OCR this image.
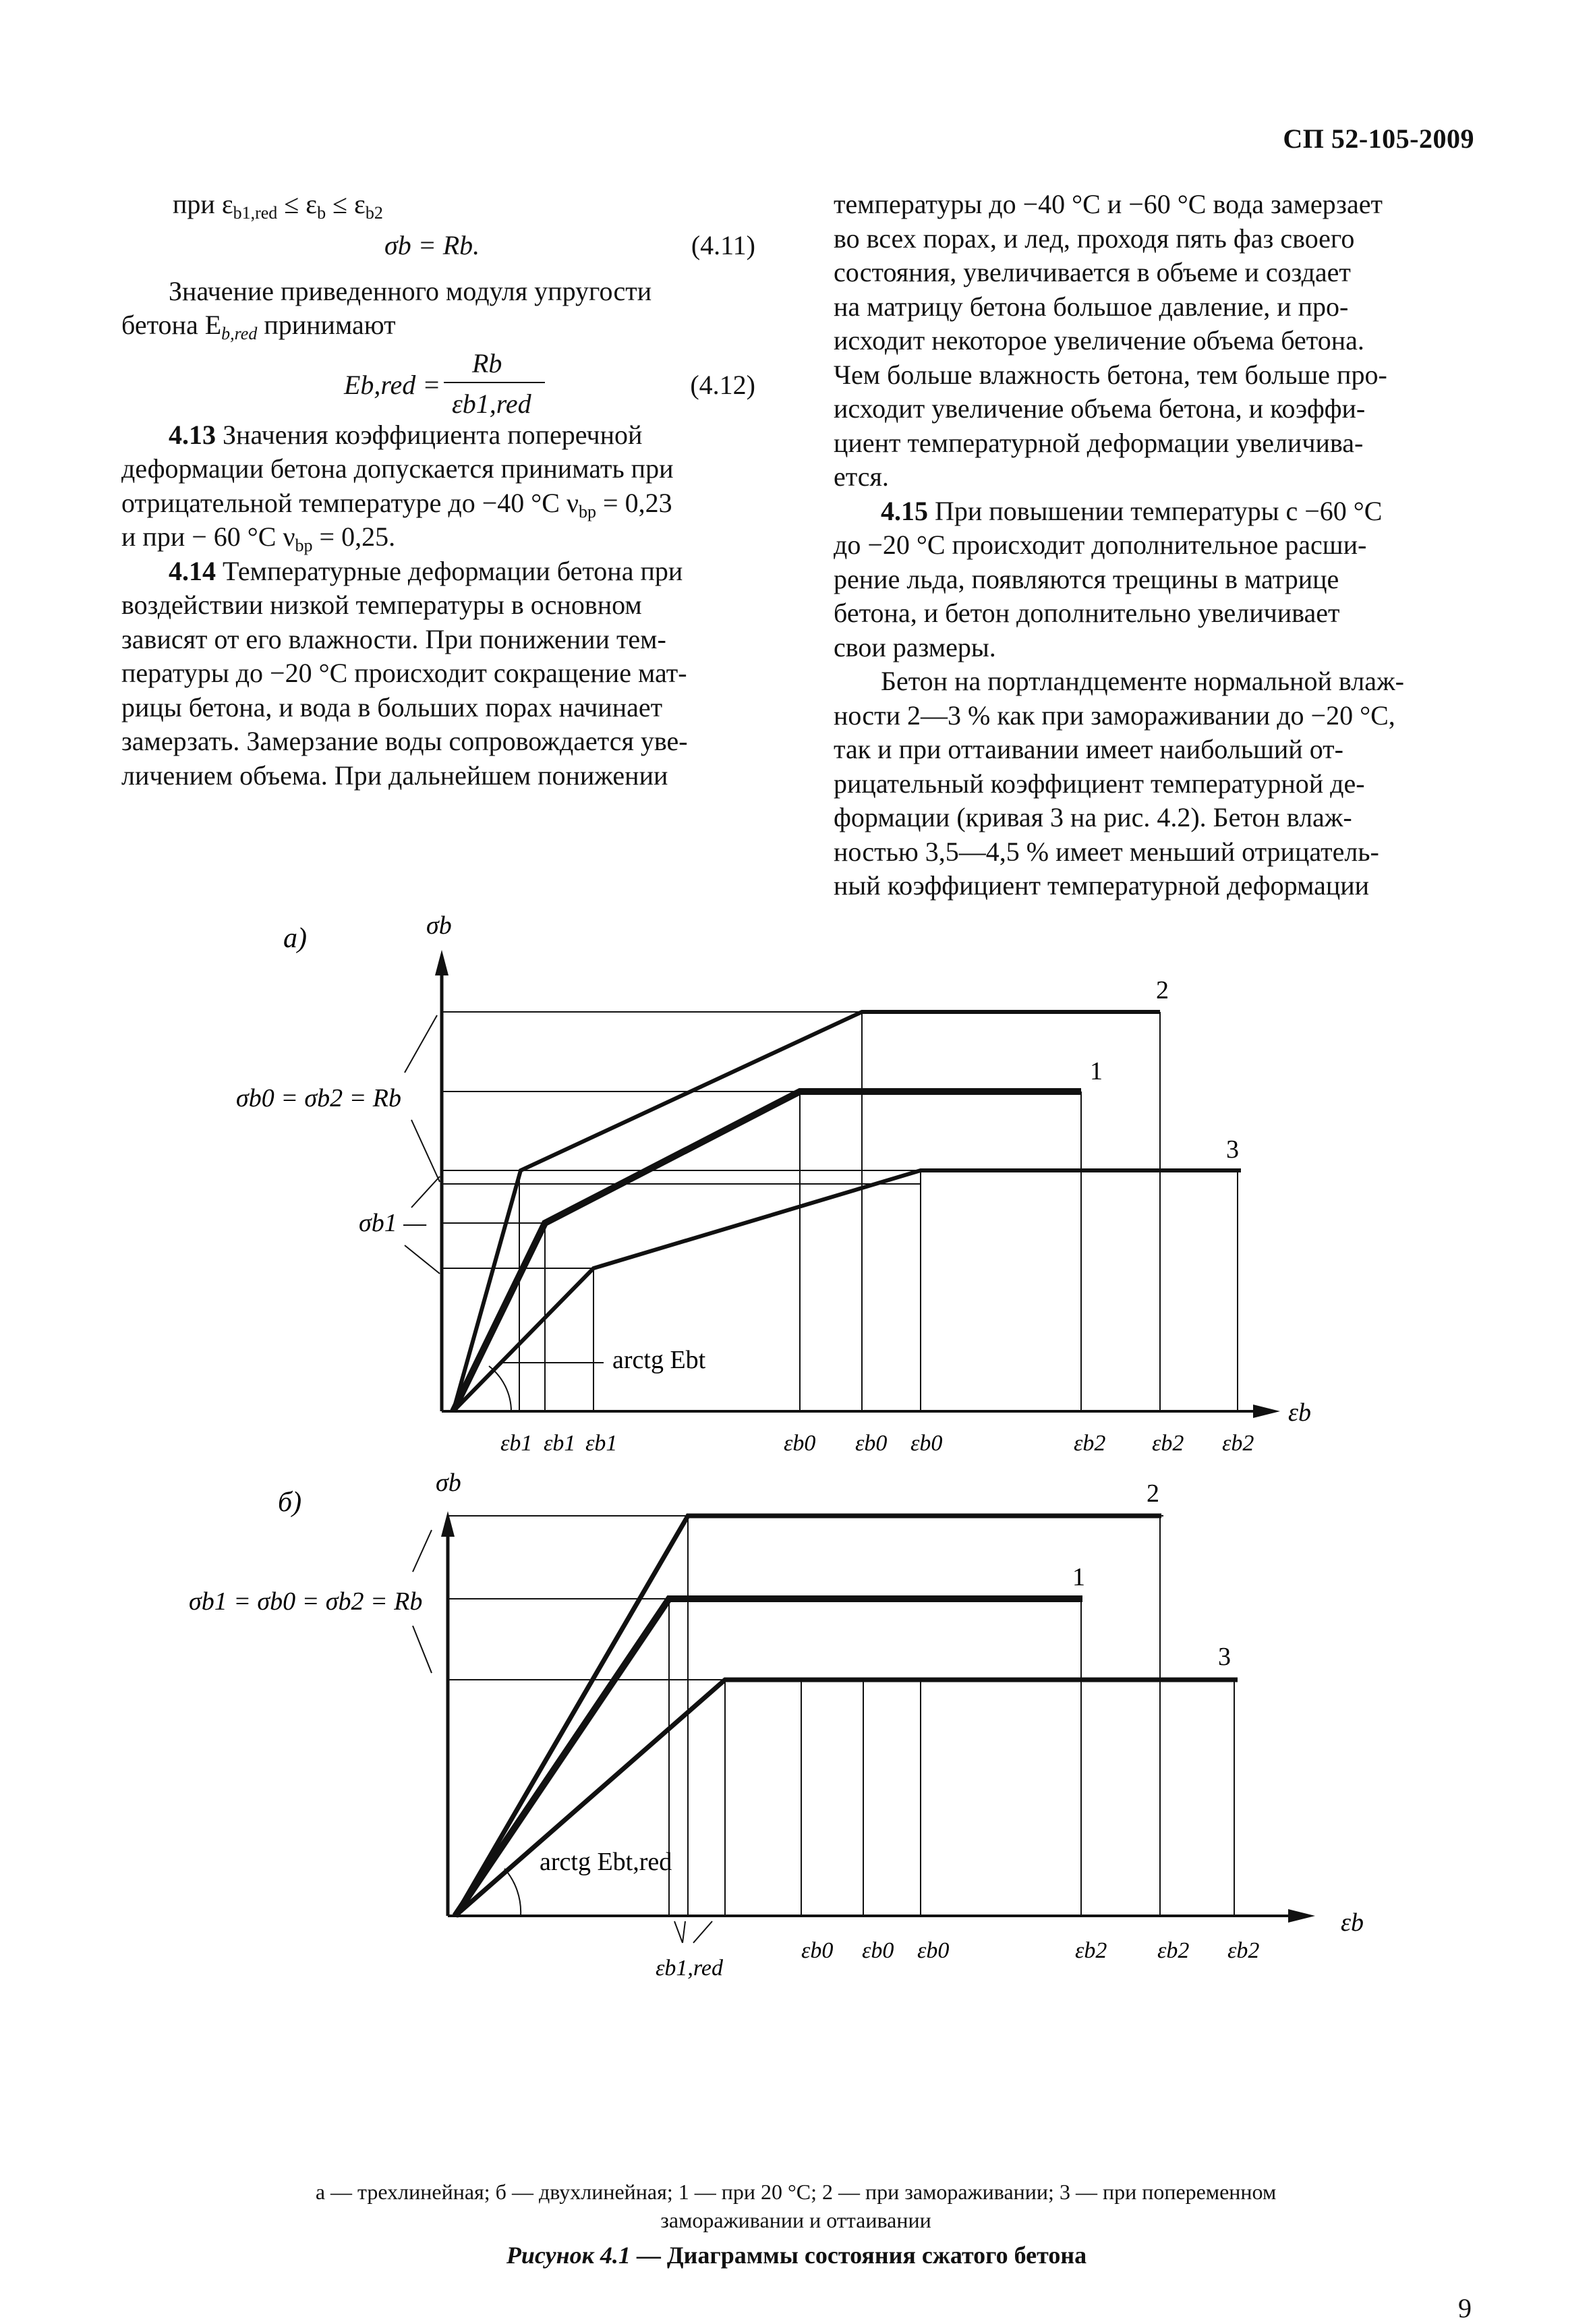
СП 52-105-2009
при $\varepsilon_{b1,red} \le \varepsilon_b \le \varepsilon_{b2}$
σb = Rb.	(4.11)
Значение приведенного модуля упругости
бетона $E_{b,red}$ принимают
Eb,red =
Rb
εb1,red
(4.12)
4.13 Значения коэффициента поперечной
деформации бетона допускается принимать при
отрицательной температуре до −40 °С $\nu_{bp} = 0,23$
и при − 60 °С $\nu_{bp} = 0,25$.
4.14 Температурные деформации бетона при
воздействии низкой температуры в основном
зависят от его влажности. При понижении тем-
пературы до −20 °С происходит сокращение мат-
рицы бетона, и вода в больших порах начинает
замерзать. Замерзание воды сопровождается уве-
личением объема. При дальнейшем понижении
температуры до −40 °С и −60 °С вода замерзает
во всех порах, и лед, проходя пять фаз своего
состояния, увеличивается в объеме и создает
на матрицу бетона большое давление, и про-
исходит некоторое увеличение объема бетона.
Чем больше влажность бетона, тем больше про-
исходит увеличение объема бетона, и коэффи-
циент температурной деформации увеличива-
ется.
4.15 При повышении температуры с −60 °С
до −20 °С происходит дополнительное расши-
рение льда, появляются трещины в матрице
бетона, и бетон дополнительно увеличивает
свои размеры.
Бетон на портландцементе нормальной влаж-
ности 2—3 % как при замораживании до −20 °С,
так и при оттаивании имеет наибольший от-
рицательный коэффициент температурной де-
формации (кривая 3 на рис. 4.2). Бетон влаж-
ностью 3,5—4,5 % имеет меньший отрицатель-
ный коэффициент температурной деформации
а)	σb
εb
2
1
3
arctg Ebt
σb0 = σb2 = Rb
σb1 —
εb1 εb1 εb1	εb0 εb0 εb0	εb2 εb2 εb2
б)
σb
εb
2
1
3
arctg Ebt,red
σb1 = σb0 = σb2 = Rb
εb0 εb0 εb0	εb2 εb2 εb2
εb1,red
а — трехлинейная; б — двухлинейная; 1 — при 20 °С; 2 — при замораживании; 3 — при попеременном
замораживании и оттаивании
Рисунок 4.1 — Диаграммы состояния сжатого бетона
9
